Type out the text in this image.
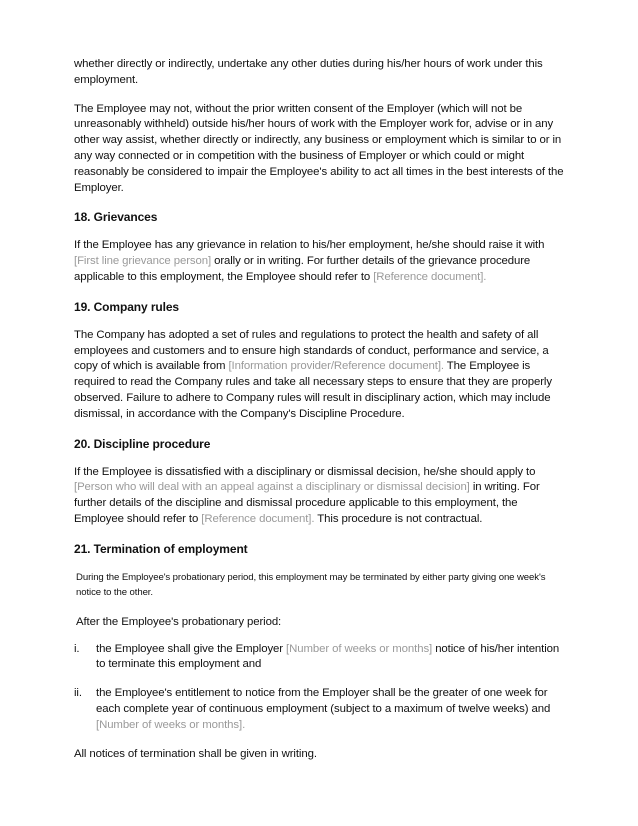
whether directly or indirectly, undertake any other duties during his/her hours of work under this employment.

The Employee may not, without the prior written consent of the Employer (which will not be unreasonably withheld) outside his/her hours of work with the Employer work for, advise or in any other way assist, whether directly or indirectly, any business or employment which is similar to or in any way connected or in competition with the business of Employer or which could or might reasonably be considered to impair the Employee's ability to act all times in the best interests of the Employer.

18. Grievances

If the Employee has any grievance in relation to his/her employment, he/she should raise it with [First line grievance person] orally or in writing. For further details of the grievance procedure applicable to this employment, the Employee should refer to [Reference document].

19. Company rules

The Company has adopted a set of rules and regulations to protect the health and safety of all employees and customers and to ensure high standards of conduct, performance and service, a copy of which is available from [Information provider/Reference document]. The Employee is required to read the Company rules and take all necessary steps to ensure that they are properly observed. Failure to adhere to Company rules will result in disciplinary action, which may include dismissal, in accordance with the Company's Discipline Procedure.

20. Discipline procedure

If the Employee is dissatisfied with a disciplinary or dismissal decision, he/she should apply to [Person who will deal with an appeal against a disciplinary or dismissal decision] in writing. For further details of the discipline and dismissal procedure applicable to this employment, the Employee should refer to [Reference document]. This procedure is not contractual.

21. Termination of employment

During the Employee's probationary period, this employment may be terminated by either party giving one week's notice to the other.

After the Employee's probationary period:

i. the Employee shall give the Employer [Number of weeks or months] notice of his/her intention to terminate this employment and
ii. the Employee's entitlement to notice from the Employer shall be the greater of one week for each complete year of continuous employment (subject to a maximum of twelve weeks) and [Number of weeks or months].

All notices of termination shall be given in writing.
